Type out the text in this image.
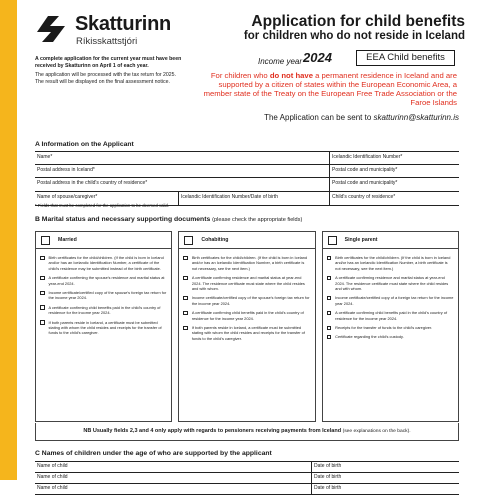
Skatturinn
Ríkisskattstjóri
Application for child benefits
for children who do not reside in Iceland
Income year 2024	EEA Child benefits
A complete application for the current year must have been received by Skatturinn on April 1 of each year.
The application will be processed with the tax return for 2025. The result will be displayed on the final assessment notice.
For children who do not have a permanent residence in Iceland and are supported by a citizen of states within the European Economic Area, a member state of the Treaty on the European Free Trade Association or the Faroe Islands
The Application can be sent to skatturinn@skatturinn.is
A Information on the Applicant
Name*	Icelandic Identification Number*
Postal address in Iceland*	Postal code and municipality*
Postal address in the child's country of residence*	Postal code and municipality*
Name of spouse/caregiver*	Icelandic Identification Number/Date of birth	Child's country of residence*
* Fields that must be completed for the application to be deemed valid.
B Marital status and necessary supporting documents (please check the appropriate fields)
Married
Birth certificates for the child/children. (If the child is born in Iceland and/or has an Icelandic Identification Number, a certificate of the child's residence may be submitted instead of the birth certificate.
A certificate confirming the spouse's residence and marital status at year-end 2024.
Income certificate/certified copy of the spouse's foreign tax return for the income year 2024.
A certificate confirming child benefits paid in the child's country of residence for the income year 2024.
If both parents reside in Iceland, a certificate must be submitted stating with whom the child resides and receipts for the transfer of funds to the child's caregiver.
Cohabiting
Birth certificates for the child/children. (If the child is born in Iceland and/or has an Icelandic Identification Number, a birth certificate is not necessary, see the next item.)
A certificate confirming residence and marital status at year-end 2024. The residence certificate must state where the child resides and with whom.
Income certificate/certified copy of the spouse's foreign tax return for the income year 2024.
A certificate confirming child benefits paid in the child's country of residence for the income year 2024.
If both parents reside in Iceland, a certificate must be submitted stating with whom the child resides and receipts for the transfer of funds to the child's caregiver.
Single parent
Birth certificates for the child/children. (If the child is born in Iceland and/or has an Icelandic Identification Number, a birth certificate is not necessary, see the next item.)
A certificate confirming residence and marital status at year-end 2024. The residence certificate must state where the child resides and with whom.
Income certificate/certified copy of a foreign tax return for the income year 2024.
A certificate confirming child benefits paid in the child's country of residence for the income year 2024.
Receipts for the transfer of funds to the child's caregiver.
Certificate regarding the child's custody.
NB Usually fields 2,3 and 4 only apply with regards to pensioners receiving payments from Iceland (see explanations on the back).
C Names of children under the age of who are supported by the applicant
Name of child	Date of birth
Name of child	Date of birth
Name of child	Date of birth
